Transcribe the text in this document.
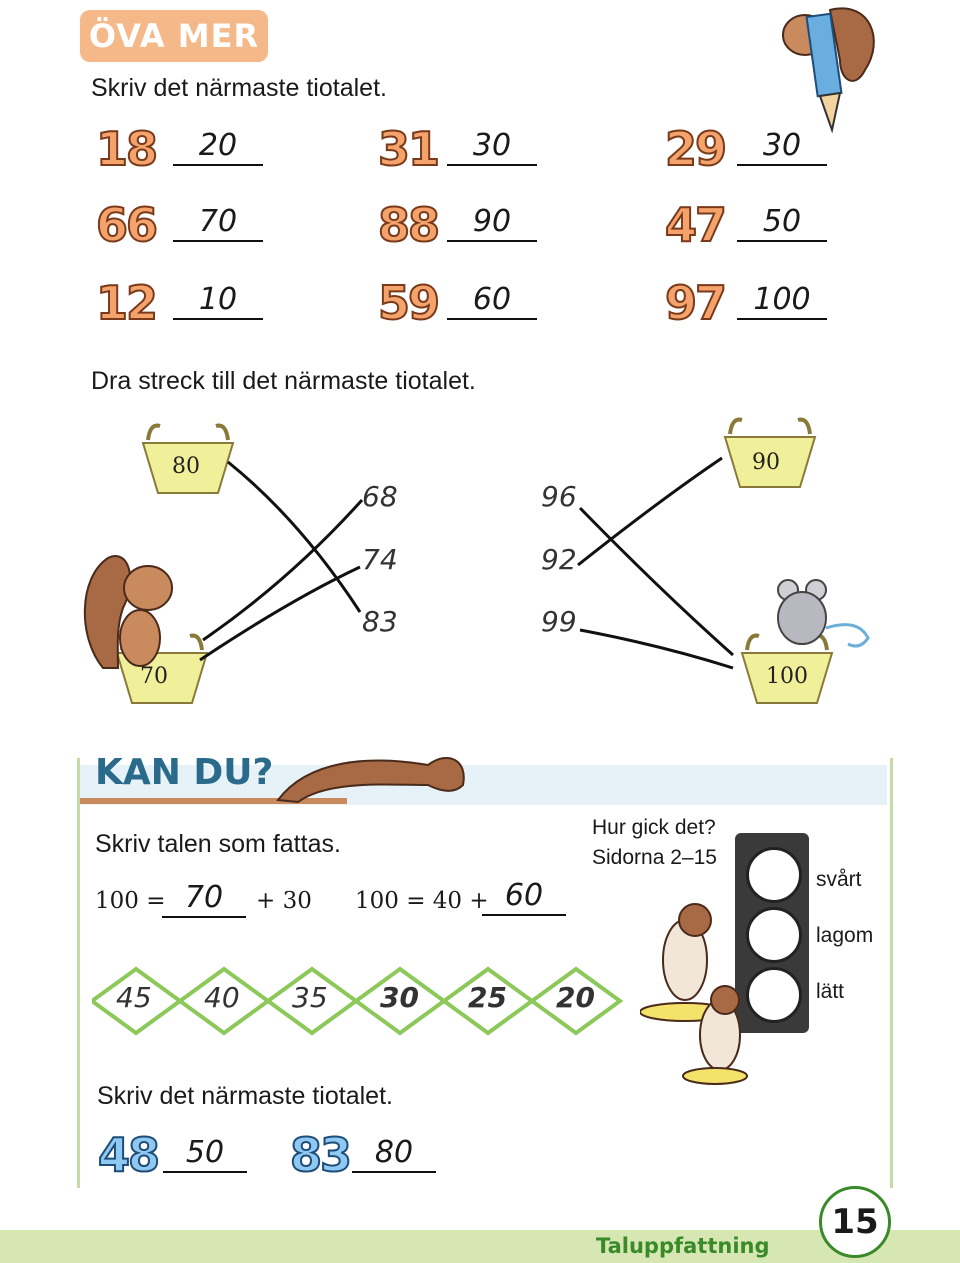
ÖVA MER
Skriv det närmaste tiotalet.
18	20	31	30	29	30
66	70	88	90	47	50
12	10	59	60	97 100
Dra streck till det närmaste tiotalet.
80
70
90
100
68
74
83
96
92
99
KAN DU?
Skriv talen som fattas.
100 = 70	+ 30 100 = 40 + 60
45 40 35 30 25 20
Hur gick det?
Sidorna 2–15
svårt
lagom
lätt
Skriv det närmaste tiotalet.
48 50	83 80
Taluppfattning
15
